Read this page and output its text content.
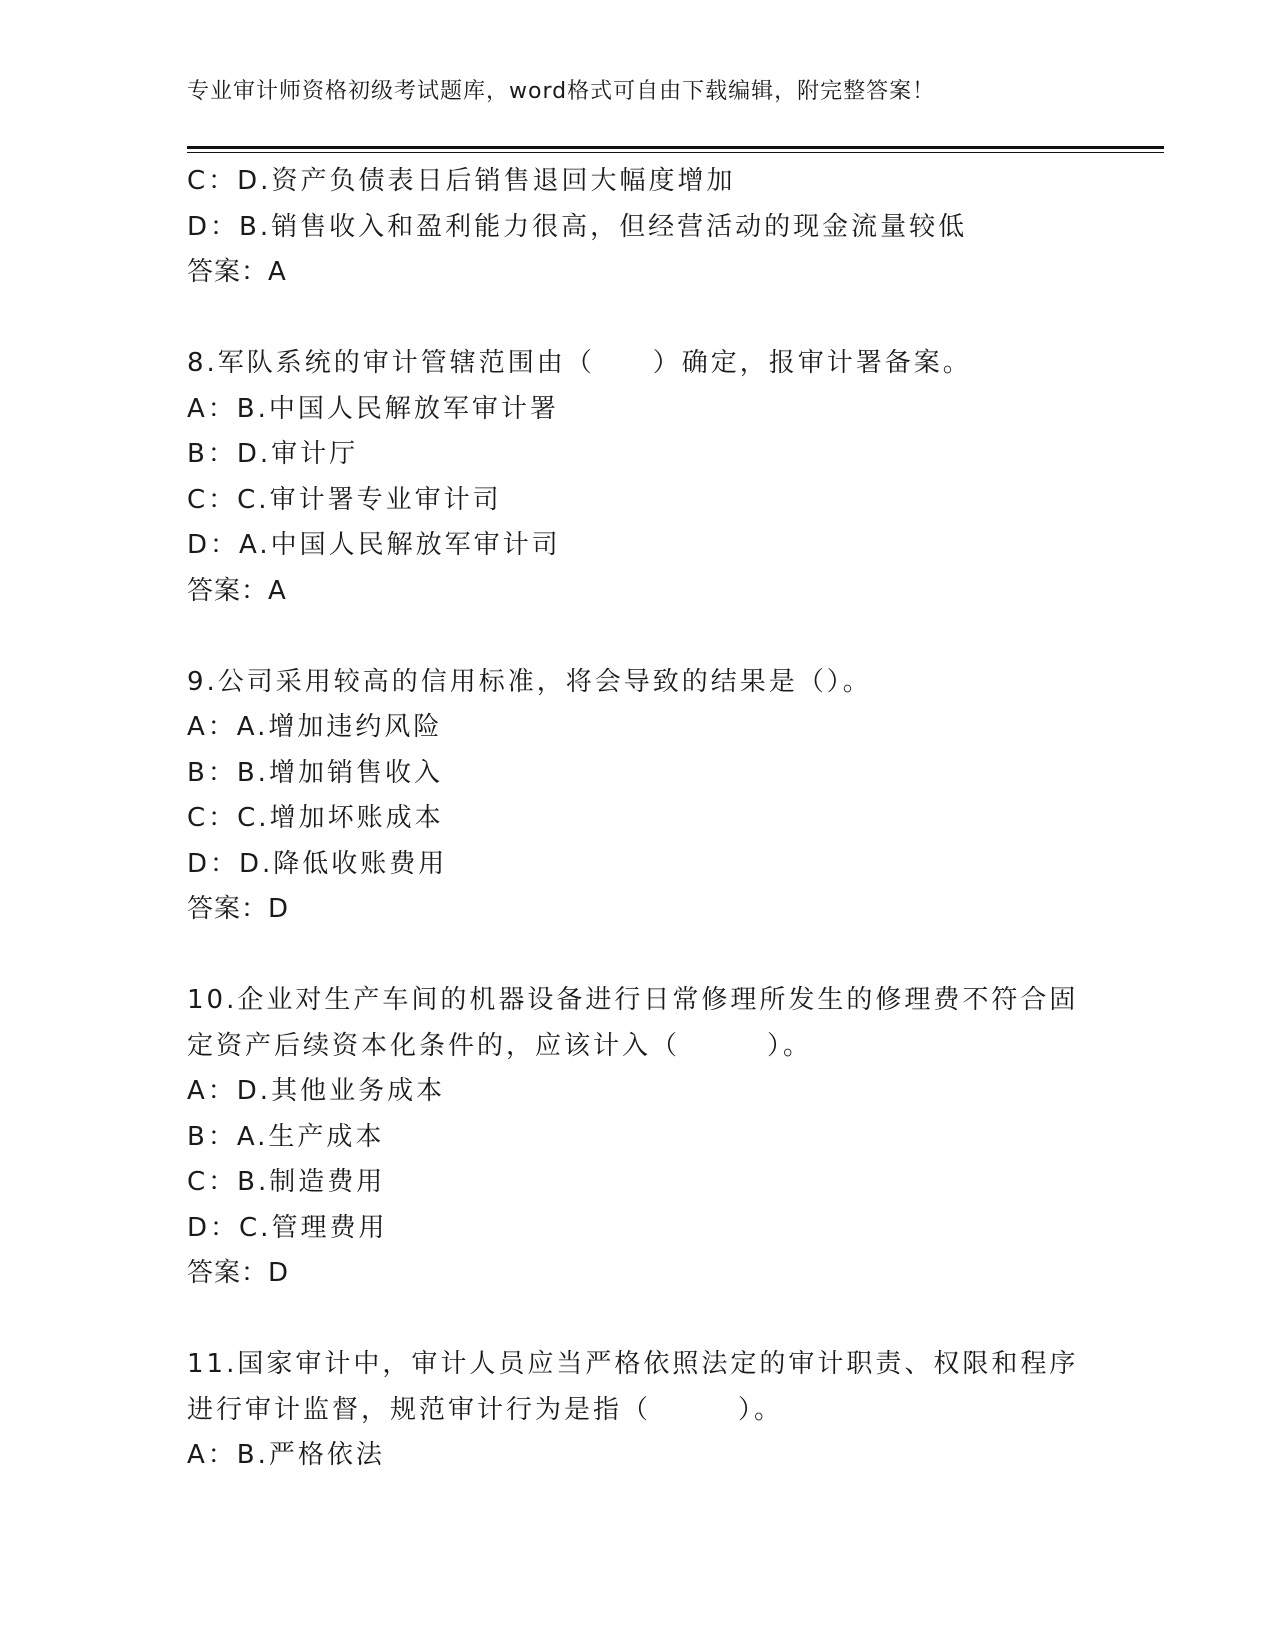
专业审计师资格初级考试题库，word格式可自由下载编辑，附完整答案！
C：D.资产负债表日后销售退回大幅度增加
D：B.销售收入和盈利能力很高，但经营活动的现金流量较低
答案：A
8.军队系统的审计管辖范围由（　　）确定，报审计署备案。
A：B.中国人民解放军审计署
B：D.审计厅
C：C.审计署专业审计司
D：A.中国人民解放军审计司
答案：A
9.公司采用较高的信用标准，将会导致的结果是（）。
A：A.增加违约风险
B：B.增加销售收入
C：C.增加坏账成本
D：D.降低收账费用
答案：D
10.企业对生产车间的机器设备进行日常修理所发生的修理费不符合固定资产后续资本化条件的，应该计入（　　　）。
A：D.其他业务成本
B：A.生产成本
C：B.制造费用
D：C.管理费用
答案：D
11.国家审计中，审计人员应当严格依照法定的审计职责、权限和程序进行审计监督，规范审计行为是指（　　　）。
A：B.严格依法
